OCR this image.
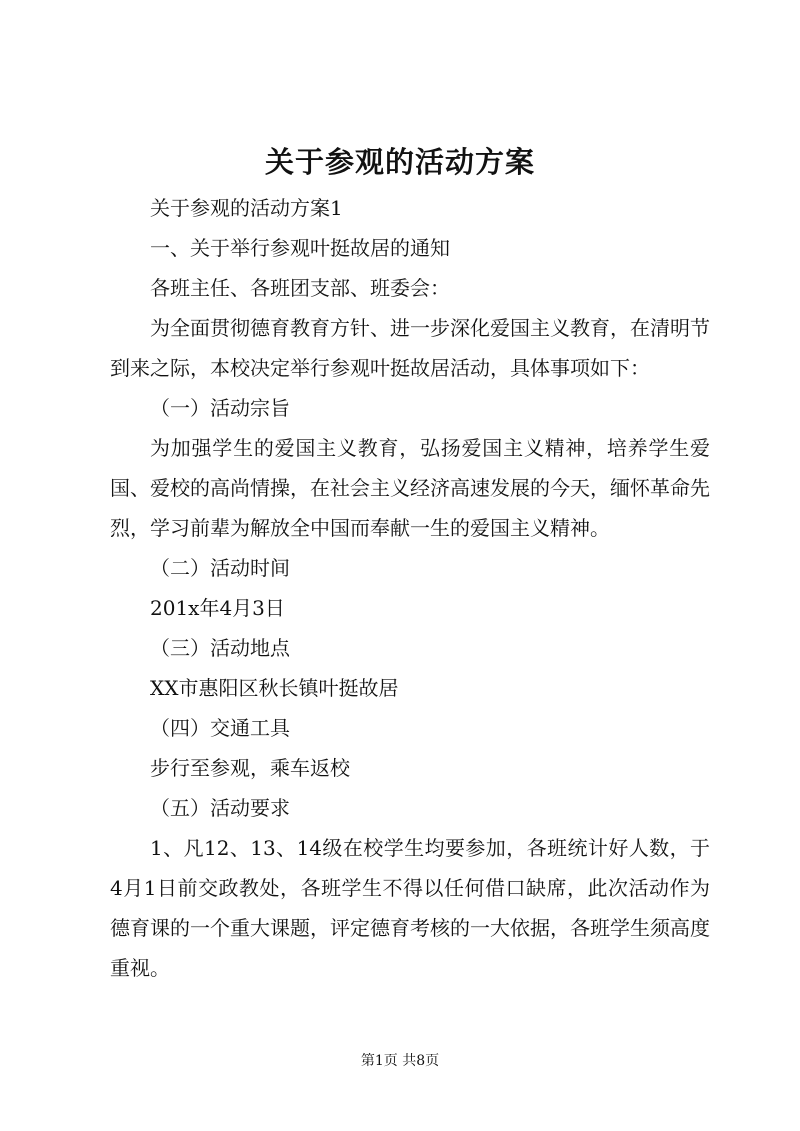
关于参观的活动方案

关于参观的活动方案1

一、关于举行参观叶挺故居的通知

各班主任、各班团支部、班委会：

为全面贯彻德育教育方针、进一步深化爱国主义教育，在清明节到来之际，本校决定举行参观叶挺故居活动，具体事项如下：

（一）活动宗旨

为加强学生的爱国主义教育，弘扬爱国主义精神，培养学生爱国、爱校的高尚情操，在社会主义经济高速发展的今天，缅怀革命先烈，学习前辈为解放全中国而奉献一生的爱国主义精神。

（二）活动时间

201x年4月3日

（三）活动地点

XX市惠阳区秋长镇叶挺故居

（四）交通工具

步行至参观，乘车返校

（五）活动要求

1、凡12、13、14级在校学生均要参加，各班统计好人数，于4月1日前交政教处，各班学生不得以任何借口缺席，此次活动作为德育课的一个重大课题，评定德育考核的一大依据，各班学生须高度重视。

第1页 共8页
